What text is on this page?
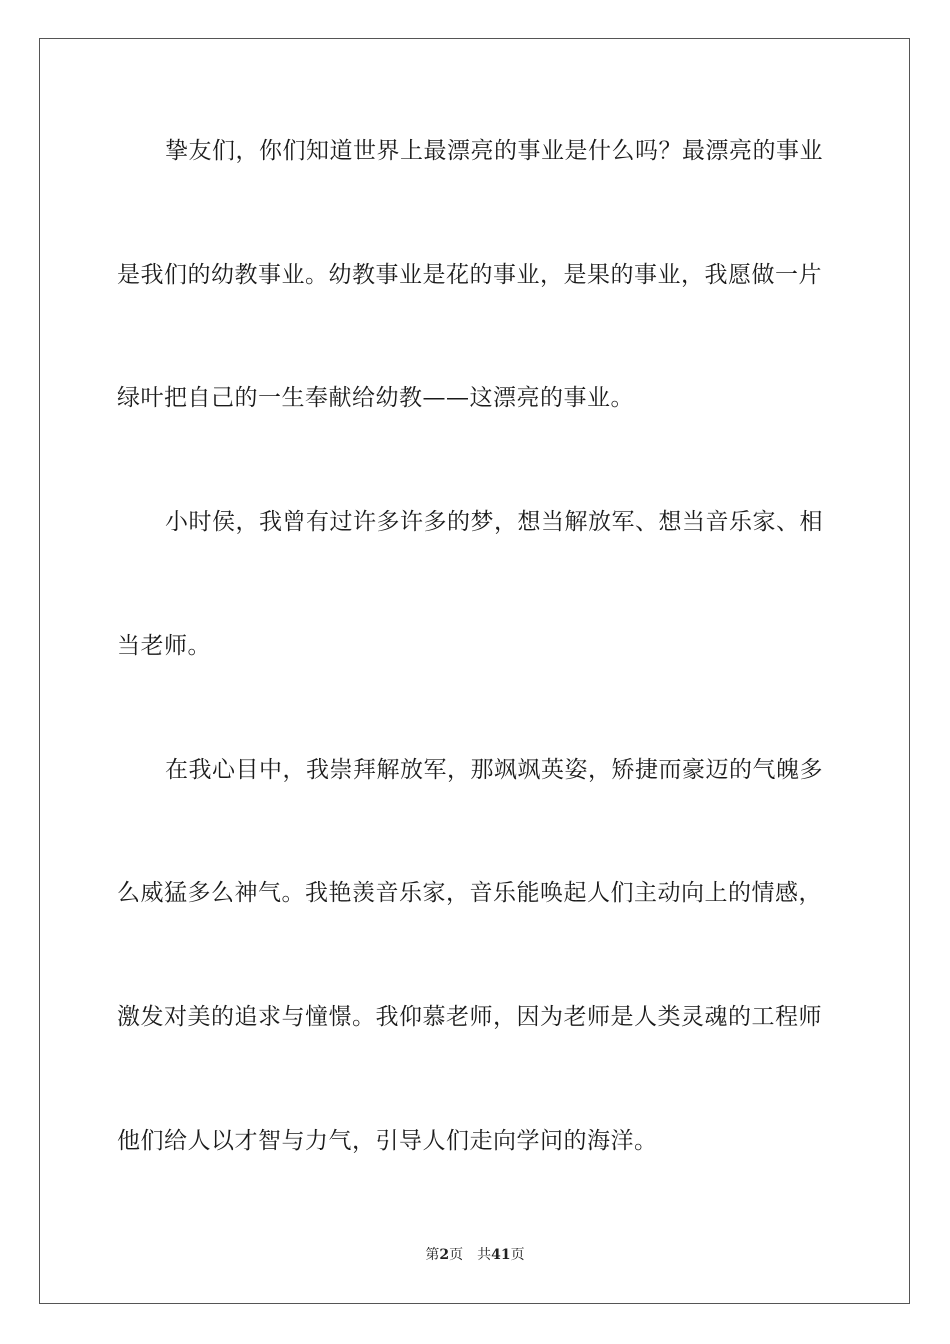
挚友们，你们知道世界上最漂亮的事业是什么吗？最漂亮的事业
是我们的幼教事业。幼教事业是花的事业，是果的事业，我愿做一片
绿叶把自己的一生奉献给幼教——这漂亮的事业。
小时侯，我曾有过许多许多的梦，想当解放军、想当音乐家、相
当老师。
在我心目中，我崇拜解放军，那飒飒英姿，矫捷而豪迈的气魄多
么威猛多么神气。我艳羡音乐家，音乐能唤起人们主动向上的情感，
激发对美的追求与憧憬。我仰慕老师，因为老师是人类灵魂的工程师
他们给人以才智与力气，引导人们走向学问的海洋。
第2页 共41页
